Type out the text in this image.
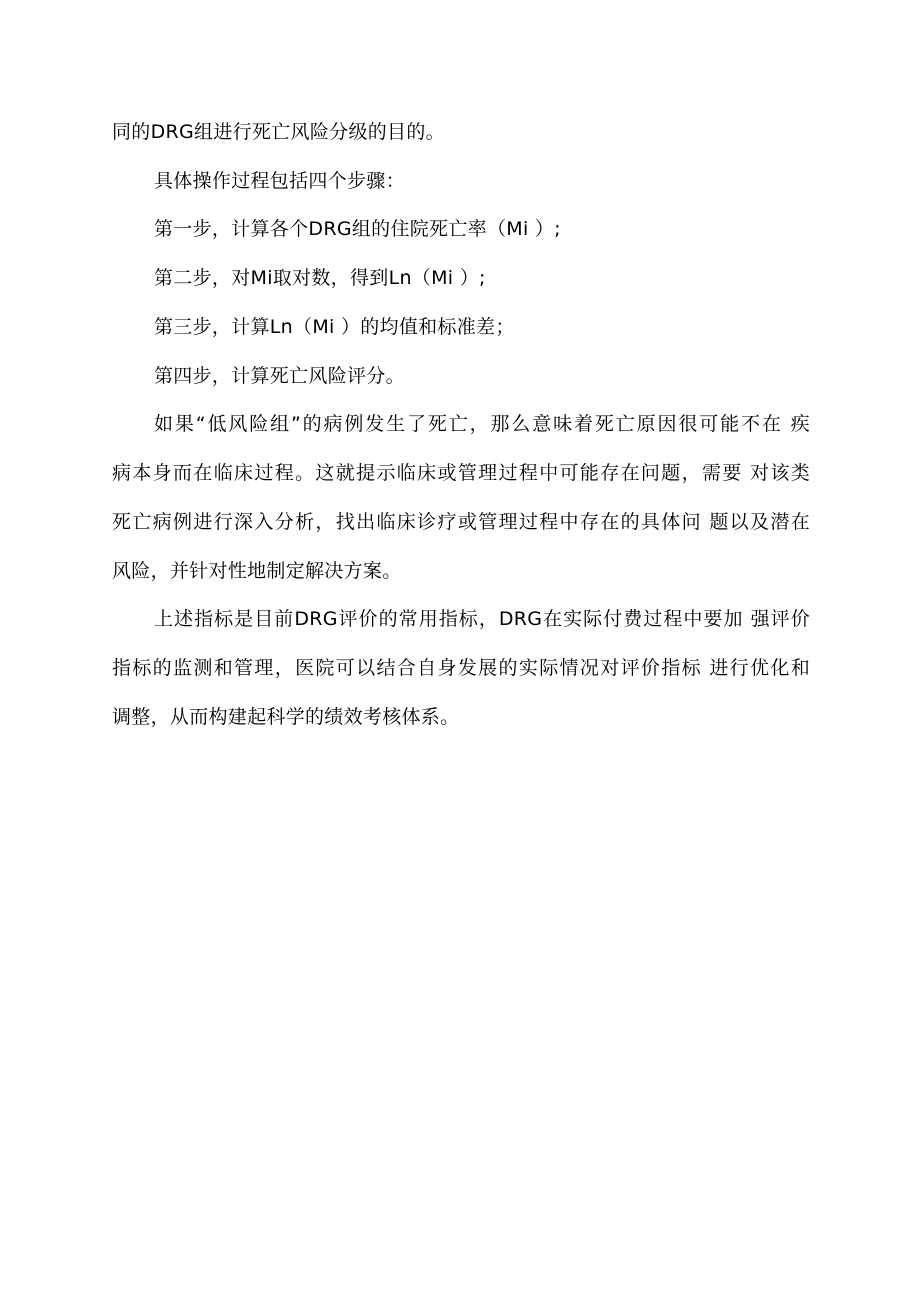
同的DRG组进行死亡风险分级的目的。
具体操作过程包括四个步骤：
第一步，计算各个DRG组的住院死亡率（Mi ）;
第二步，对Mi取对数，得到Ln（Mi ）;
第三步，计算Ln（Mi ）的均值和标准差；
第四步，计算死亡风险评分。
如果“低风险组”的病例发生了死亡，那么意味着死亡原因很可能不在 疾
病本身而在临床过程。这就提示临床或管理过程中可能存在问题，需要 对该类
死亡病例进行深入分析，找出临床诊疗或管理过程中存在的具体问 题以及潜在
风险，并针对性地制定解决方案。
上述指标是目前DRG评价的常用指标，DRG在实际付费过程中要加 强评价
指标的监测和管理，医院可以结合自身发展的实际情况对评价指标 进行优化和
调整，从而构建起科学的绩效考核体系。
